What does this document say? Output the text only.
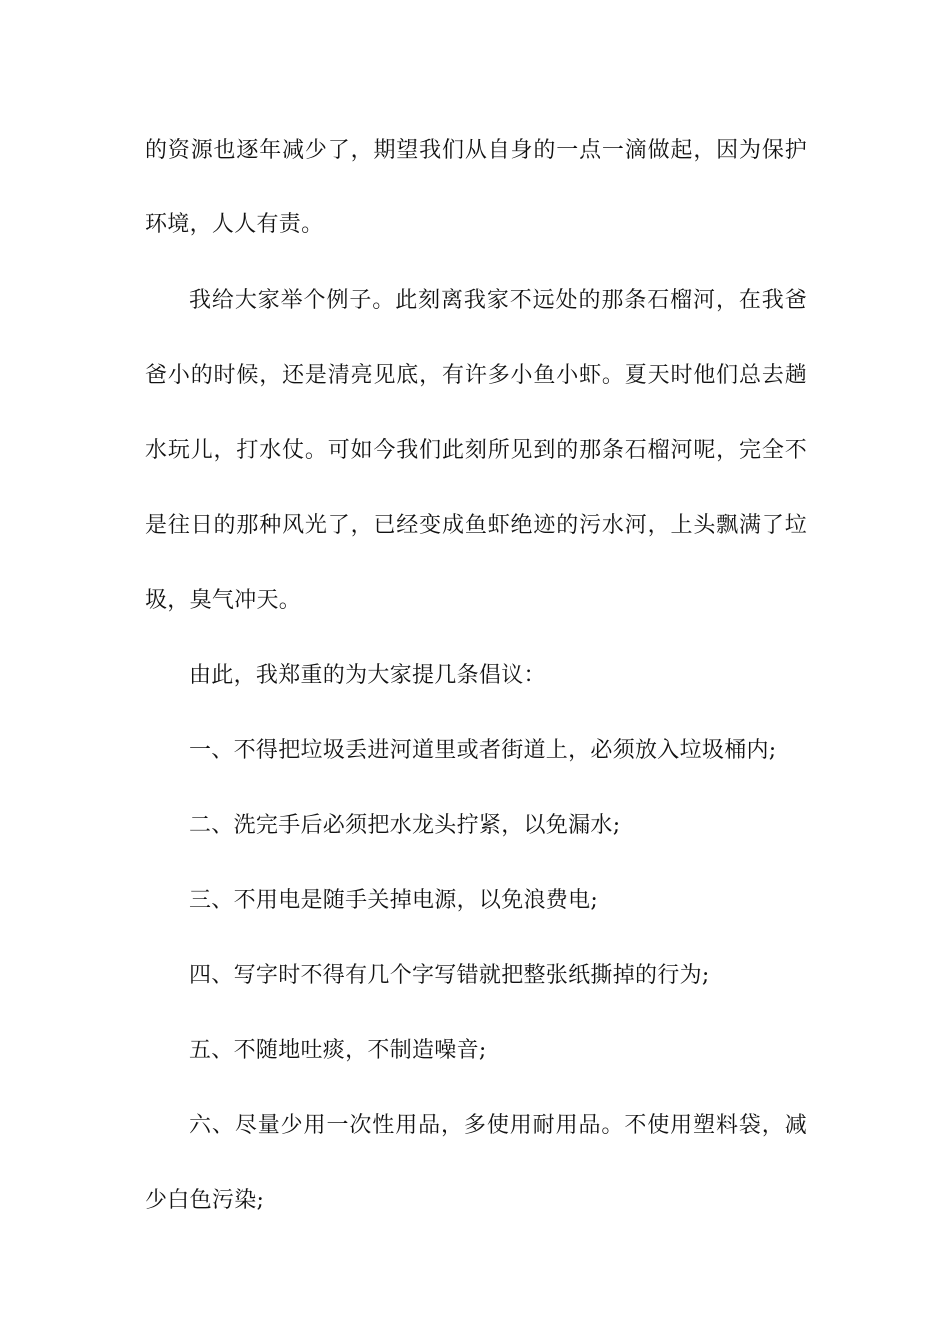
的资源也逐年减少了，期望我们从自身的一点一滴做起，因为保护
环境，人人有责。
我给大家举个例子。此刻离我家不远处的那条石榴河，在我爸
爸小的时候，还是清亮见底，有许多小鱼小虾。夏天时他们总去趟
水玩儿，打水仗。可如今我们此刻所见到的那条石榴河呢，完全不
是往日的那种风光了，已经变成鱼虾绝迹的污水河，上头飘满了垃
圾，臭气冲天。
由此，我郑重的为大家提几条倡议：
一、不得把垃圾丢进河道里或者街道上，必须放入垃圾桶内;
二、洗完手后必须把水龙头拧紧，以免漏水;
三、不用电是随手关掉电源，以免浪费电;
四、写字时不得有几个字写错就把整张纸撕掉的行为;
五、不随地吐痰，不制造噪音;
六、尽量少用一次性用品，多使用耐用品。不使用塑料袋，减
少白色污染;
